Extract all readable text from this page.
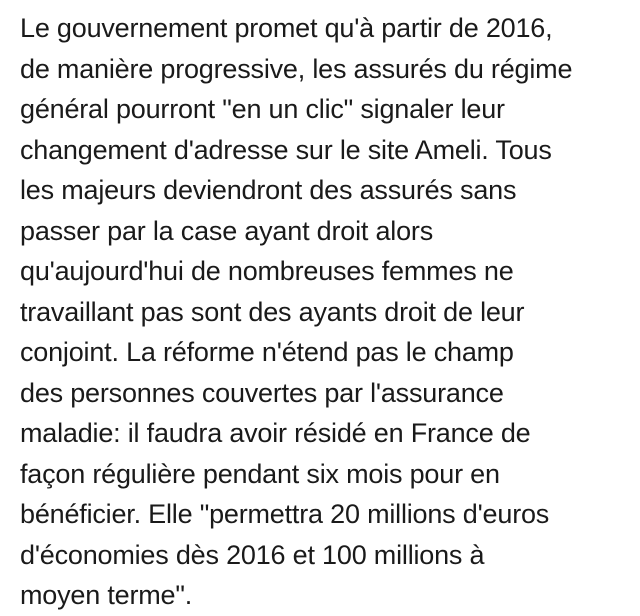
Le gouvernement promet qu'à partir de 2016,
de manière progressive, les assurés du régime
général pourront "en un clic" signaler leur
changement d'adresse sur le site Ameli. Tous
les majeurs deviendront des assurés sans
passer par la case ayant droit alors
qu'aujourd'hui de nombreuses femmes ne
travaillant pas sont des ayants droit de leur
conjoint. La réforme n'étend pas le champ
des personnes couvertes par l'assurance
maladie: il faudra avoir résidé en France de
façon régulière pendant six mois pour en
bénéficier. Elle "permettra 20 millions d'euros
d'économies dès 2016 et 100 millions à
moyen terme".
